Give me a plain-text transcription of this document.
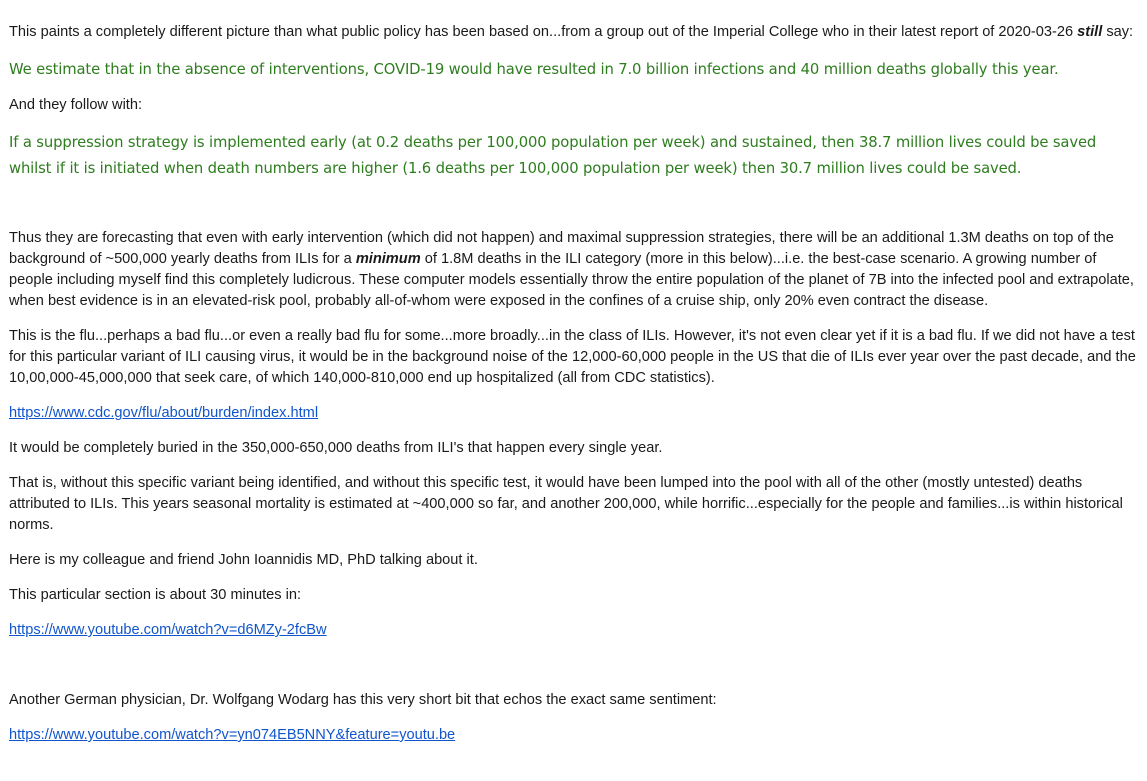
This paints a completely different picture than what public policy has been based on...from a group out of the Imperial College who in their latest report of 2020-03-26 still say:

We estimate that in the absence of interventions, COVID-19 would have resulted in 7.0 billion infections and 40 million deaths globally this year.

And they follow with:

If a suppression strategy is implemented early (at 0.2 deaths per 100,000 population per week) and sustained, then 38.7 million lives could be saved whilst if it is initiated when death numbers are higher (1.6 deaths per 100,000 population per week) then 30.7 million lives could be saved.

Thus they are forecasting that even with early intervention (which did not happen) and maximal suppression strategies, there will be an additional 1.3M deaths on top of the background of ~500,000 yearly deaths from ILIs for a minimum of 1.8M deaths in the ILI category (more in this below)...i.e. the best-case scenario. A growing number of people including myself find this completely ludicrous. These computer models essentially throw the entire population of the planet of 7B into the infected pool and extrapolate, when best evidence is in an elevated-risk pool, probably all-of-whom were exposed in the confines of a cruise ship, only 20% even contract the disease.

This is the flu...perhaps a bad flu...or even a really bad flu for some...more broadly...in the class of ILIs. However, it's not even clear yet if it is a bad flu. If we did not have a test for this particular variant of ILI causing virus, it would be in the background noise of the 12,000-60,000 people in the US that die of ILIs ever year over the past decade, and the 10,00,000-45,000,000 that seek care, of which 140,000-810,000 end up hospitalized (all from CDC statistics).

https://www.cdc.gov/flu/about/burden/index.html

It would be completely buried in the 350,000-650,000 deaths from ILI's that happen every single year.

That is, without this specific variant being identified, and without this specific test, it would have been lumped into the pool with all of the other (mostly untested) deaths attributed to ILIs. This years seasonal mortality is estimated at ~400,000 so far, and another 200,000, while horrific...especially for the people and families...is within historical norms.

Here is my colleague and friend John Ioannidis MD, PhD talking about it.

This particular section is about 30 minutes in:

https://www.youtube.com/watch?v=d6MZy-2fcBw

Another German physician, Dr. Wolfgang Wodarg has this very short bit that echos the exact same sentiment:

https://www.youtube.com/watch?v=yn074EB5NNY&feature=youtu.be
